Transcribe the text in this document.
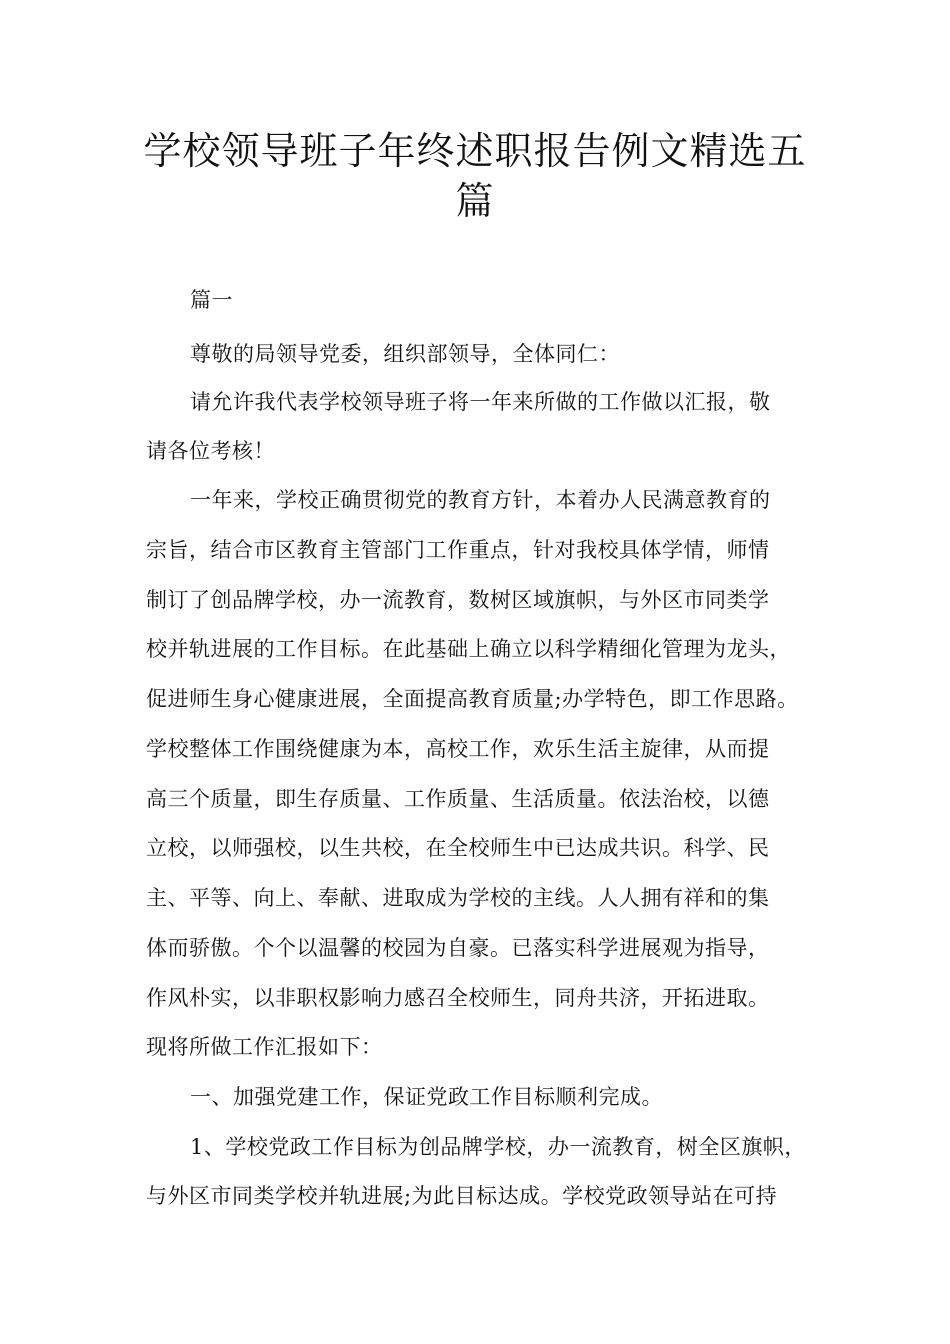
学校领导班子年终述职报告例文精选五
篇
篇一
尊敬的局领导党委，组织部领导，全体同仁：
请允许我代表学校领导班子将一年来所做的工作做以汇报，敬
请各位考核！
一年来，学校正确贯彻党的教育方针，本着办人民满意教育的
宗旨，结合市区教育主管部门工作重点，针对我校具体学情，师情
制订了创品牌学校，办一流教育，数树区域旗帜，与外区市同类学
校并轨进展的工作目标。在此基础上确立以科学精细化管理为龙头，
促进师生身心健康进展，全面提高教育质量;办学特色，即工作思路。
学校整体工作围绕健康为本，高校工作，欢乐生活主旋律，从而提
高三个质量，即生存质量、工作质量、生活质量。依法治校，以德
立校，以师强校，以生共校，在全校师生中已达成共识。科学、民
主、平等、向上、奉献、进取成为学校的主线。人人拥有祥和的集
体而骄傲。个个以温馨的校园为自豪。已落实科学进展观为指导，
作风朴实，以非职权影响力感召全校师生，同舟共济，开拓进取。
现将所做工作汇报如下：
一、加强党建工作，保证党政工作目标顺利完成。
1、学校党政工作目标为创品牌学校，办一流教育，树全区旗帜，
与外区市同类学校并轨进展;为此目标达成。学校党政领导站在可持
